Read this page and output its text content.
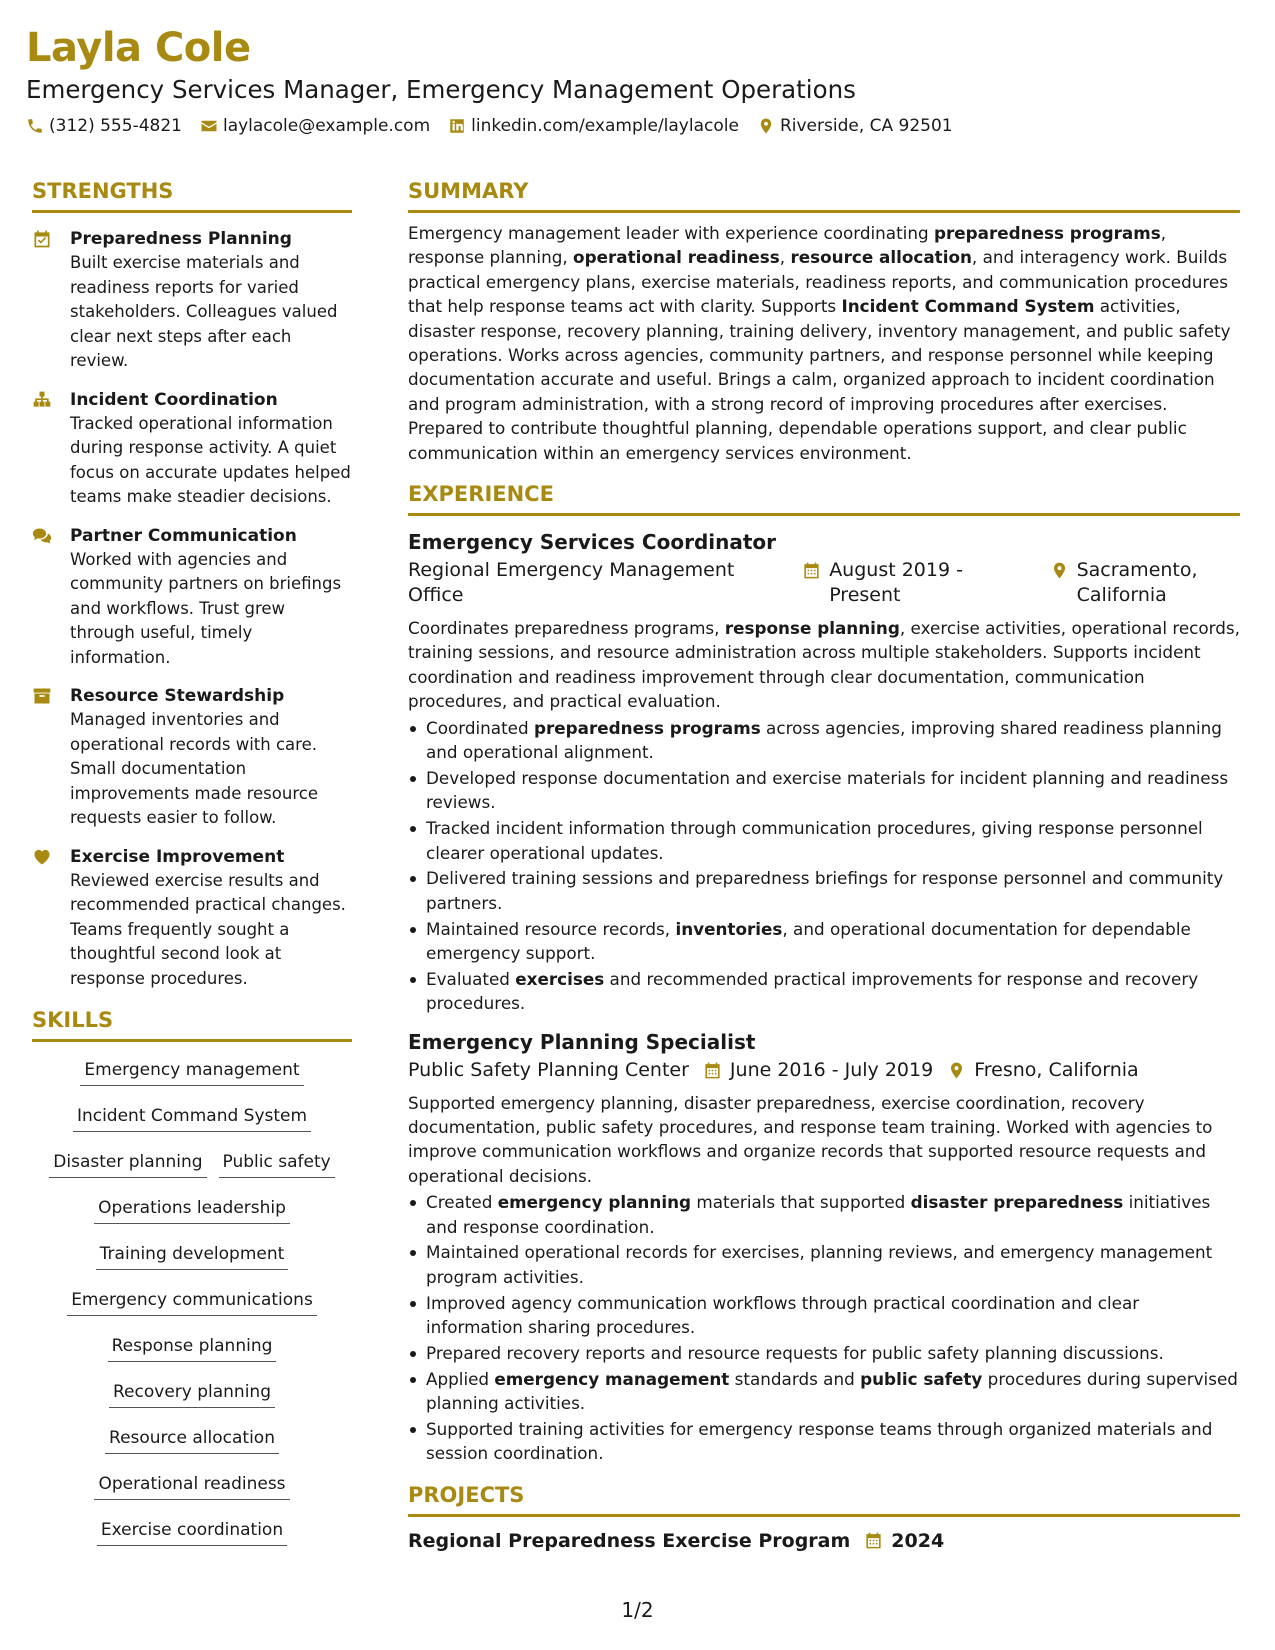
Layla Cole
Emergency Services Manager, Emergency Management Operations
(312) 555-4821 laylacole@example.com linkedin.com/example/laylacole Riverside, CA 92501
STRENGTHS
Preparedness Planning
Built exercise materials and readiness reports for varied stakeholders. Colleagues valued clear next steps after each review.
Incident Coordination
Tracked operational information during response activity. A quiet focus on accurate updates helped teams make steadier decisions.
Partner Communication
Worked with agencies and community partners on briefings and workflows. Trust grew through useful, timely information.
Resource Stewardship
Managed inventories and operational records with care. Small documentation improvements made resource requests easier to follow.
Exercise Improvement
Reviewed exercise results and recommended practical changes. Teams frequently sought a thoughtful second look at response procedures.
SKILLS
Emergency management
Incident Command System
Disaster planning Public safety
Operations leadership
Training development
Emergency communications
Response planning
Recovery planning
Resource allocation
Operational readiness
Exercise coordination
SUMMARY
Emergency management leader with experience coordinating preparedness programs, response planning, operational readiness, resource allocation, and interagency work. Builds practical emergency plans, exercise materials, readiness reports, and communication procedures that help response teams act with clarity. Supports Incident Command System activities, disaster response, recovery planning, training delivery, inventory management, and public safety operations. Works across agencies, community partners, and response personnel while keeping documentation accurate and useful. Brings a calm, organized approach to incident coordination and program administration, with a strong record of improving procedures after exercises. Prepared to contribute thoughtful planning, dependable operations support, and clear public communication within an emergency services environment.
EXPERIENCE
Emergency Services Coordinator
Regional Emergency Management Office
August 2019 - Present
Sacramento, California
Coordinates preparedness programs, response planning, exercise activities, operational records, training sessions, and resource administration across multiple stakeholders. Supports incident coordination and readiness improvement through clear documentation, communication procedures, and practical evaluation.
Coordinated preparedness programs across agencies, improving shared readiness planning and operational alignment.
Developed response documentation and exercise materials for incident planning and readiness reviews.
Tracked incident information through communication procedures, giving response personnel clearer operational updates.
Delivered training sessions and preparedness briefings for response personnel and community partners.
Maintained resource records, inventories, and operational documentation for dependable emergency support.
Evaluated exercises and recommended practical improvements for response and recovery procedures.
Emergency Planning Specialist
Public Safety Planning Center June 2016 - July 2019 Fresno, California
Supported emergency planning, disaster preparedness, exercise coordination, recovery documentation, public safety procedures, and response team training. Worked with agencies to improve communication workflows and organize records that supported resource requests and operational decisions.
Created emergency planning materials that supported disaster preparedness initiatives and response coordination.
Maintained operational records for exercises, planning reviews, and emergency management program activities.
Improved agency communication workflows through practical coordination and clear information sharing procedures.
Prepared recovery reports and resource requests for public safety planning discussions.
Applied emergency management standards and public safety procedures during supervised planning activities.
Supported training activities for emergency response teams through organized materials and session coordination.
PROJECTS
Regional Preparedness Exercise Program 2024
1/2
